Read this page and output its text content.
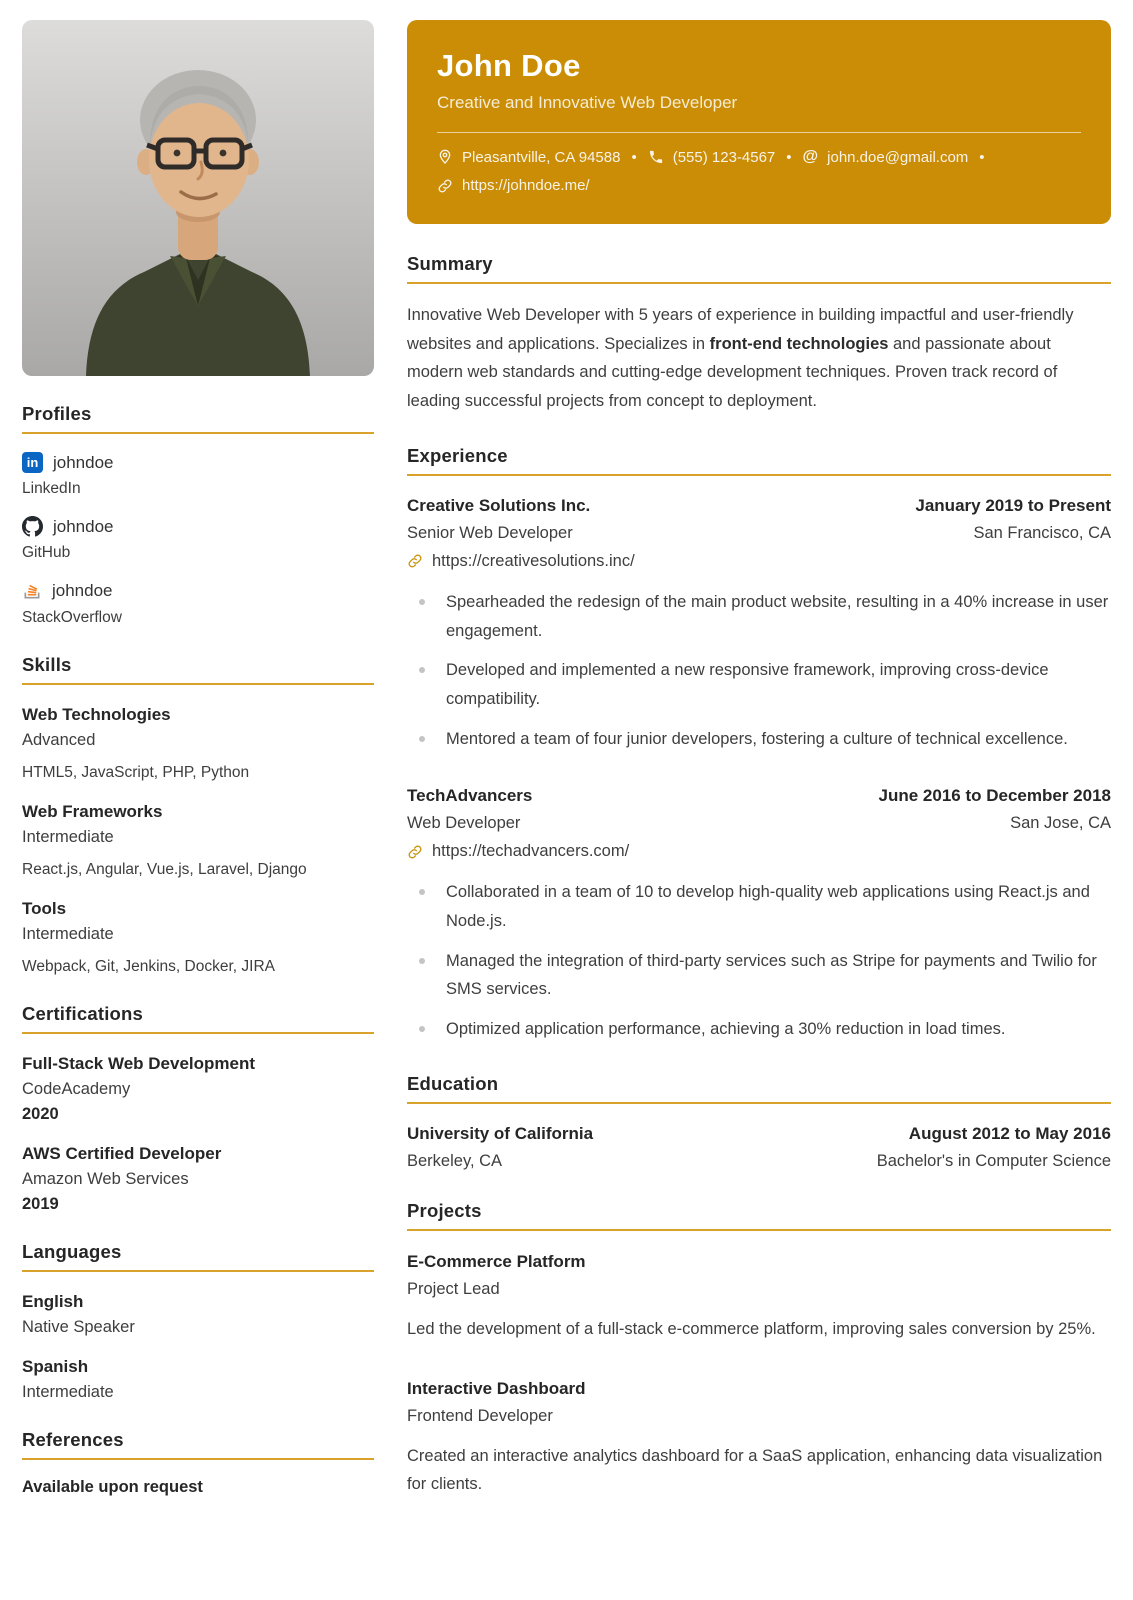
Profiles
in johndoe
LinkedIn
johndoe
GitHub
johndoe
StackOverflow
Skills
Web Technologies
Advanced
HTML5, JavaScript, PHP, Python
Web Frameworks
Intermediate
React.js, Angular, Vue.js, Laravel, Django
Tools
Intermediate
Webpack, Git, Jenkins, Docker, JIRA
Certifications
Full-Stack Web Development
CodeAcademy
2020
AWS Certified Developer
Amazon Web Services
2019
Languages
English
Native Speaker
Spanish
Intermediate
References
Available upon request
John Doe
Creative and Innovative Web Developer
Pleasantville, CA 94588 • (555) 123-4567 • @ john.doe@gmail.com •
https://johndoe.me/
Summary

Innovative Web Developer with 5 years of experience in building impactful and user-friendly websites and applications. Specializes in front-end technologies and passionate about modern web standards and cutting-edge development techniques. Proven track record of leading successful projects from concept to deployment.

Experience
Creative Solutions Inc.	January 2019 to Present
Senior Web Developer	San Francisco, CA
https://creativesolutions.inc/
Spearheaded the redesign of the main product website, resulting in a 40% increase in user engagement.
Developed and implemented a new responsive framework, improving cross-device compatibility.
Mentored a team of four junior developers, fostering a culture of technical excellence.
TechAdvancers	June 2016 to December 2018
Web Developer	San Jose, CA
https://techadvancers.com/
Collaborated in a team of 10 to develop high-quality web applications using React.js and Node.js.
Managed the integration of third-party services such as Stripe for payments and Twilio for SMS services.
Optimized application performance, achieving a 30% reduction in load times.
Education
University of California	August 2012 to May 2016
Berkeley, CA	Bachelor's in Computer Science
Projects
E-Commerce Platform
Project Lead

Led the development of a full-stack e-commerce platform, improving sales conversion by 25%.

Interactive Dashboard
Frontend Developer

Created an interactive analytics dashboard for a SaaS application, enhancing data visualization for clients.
